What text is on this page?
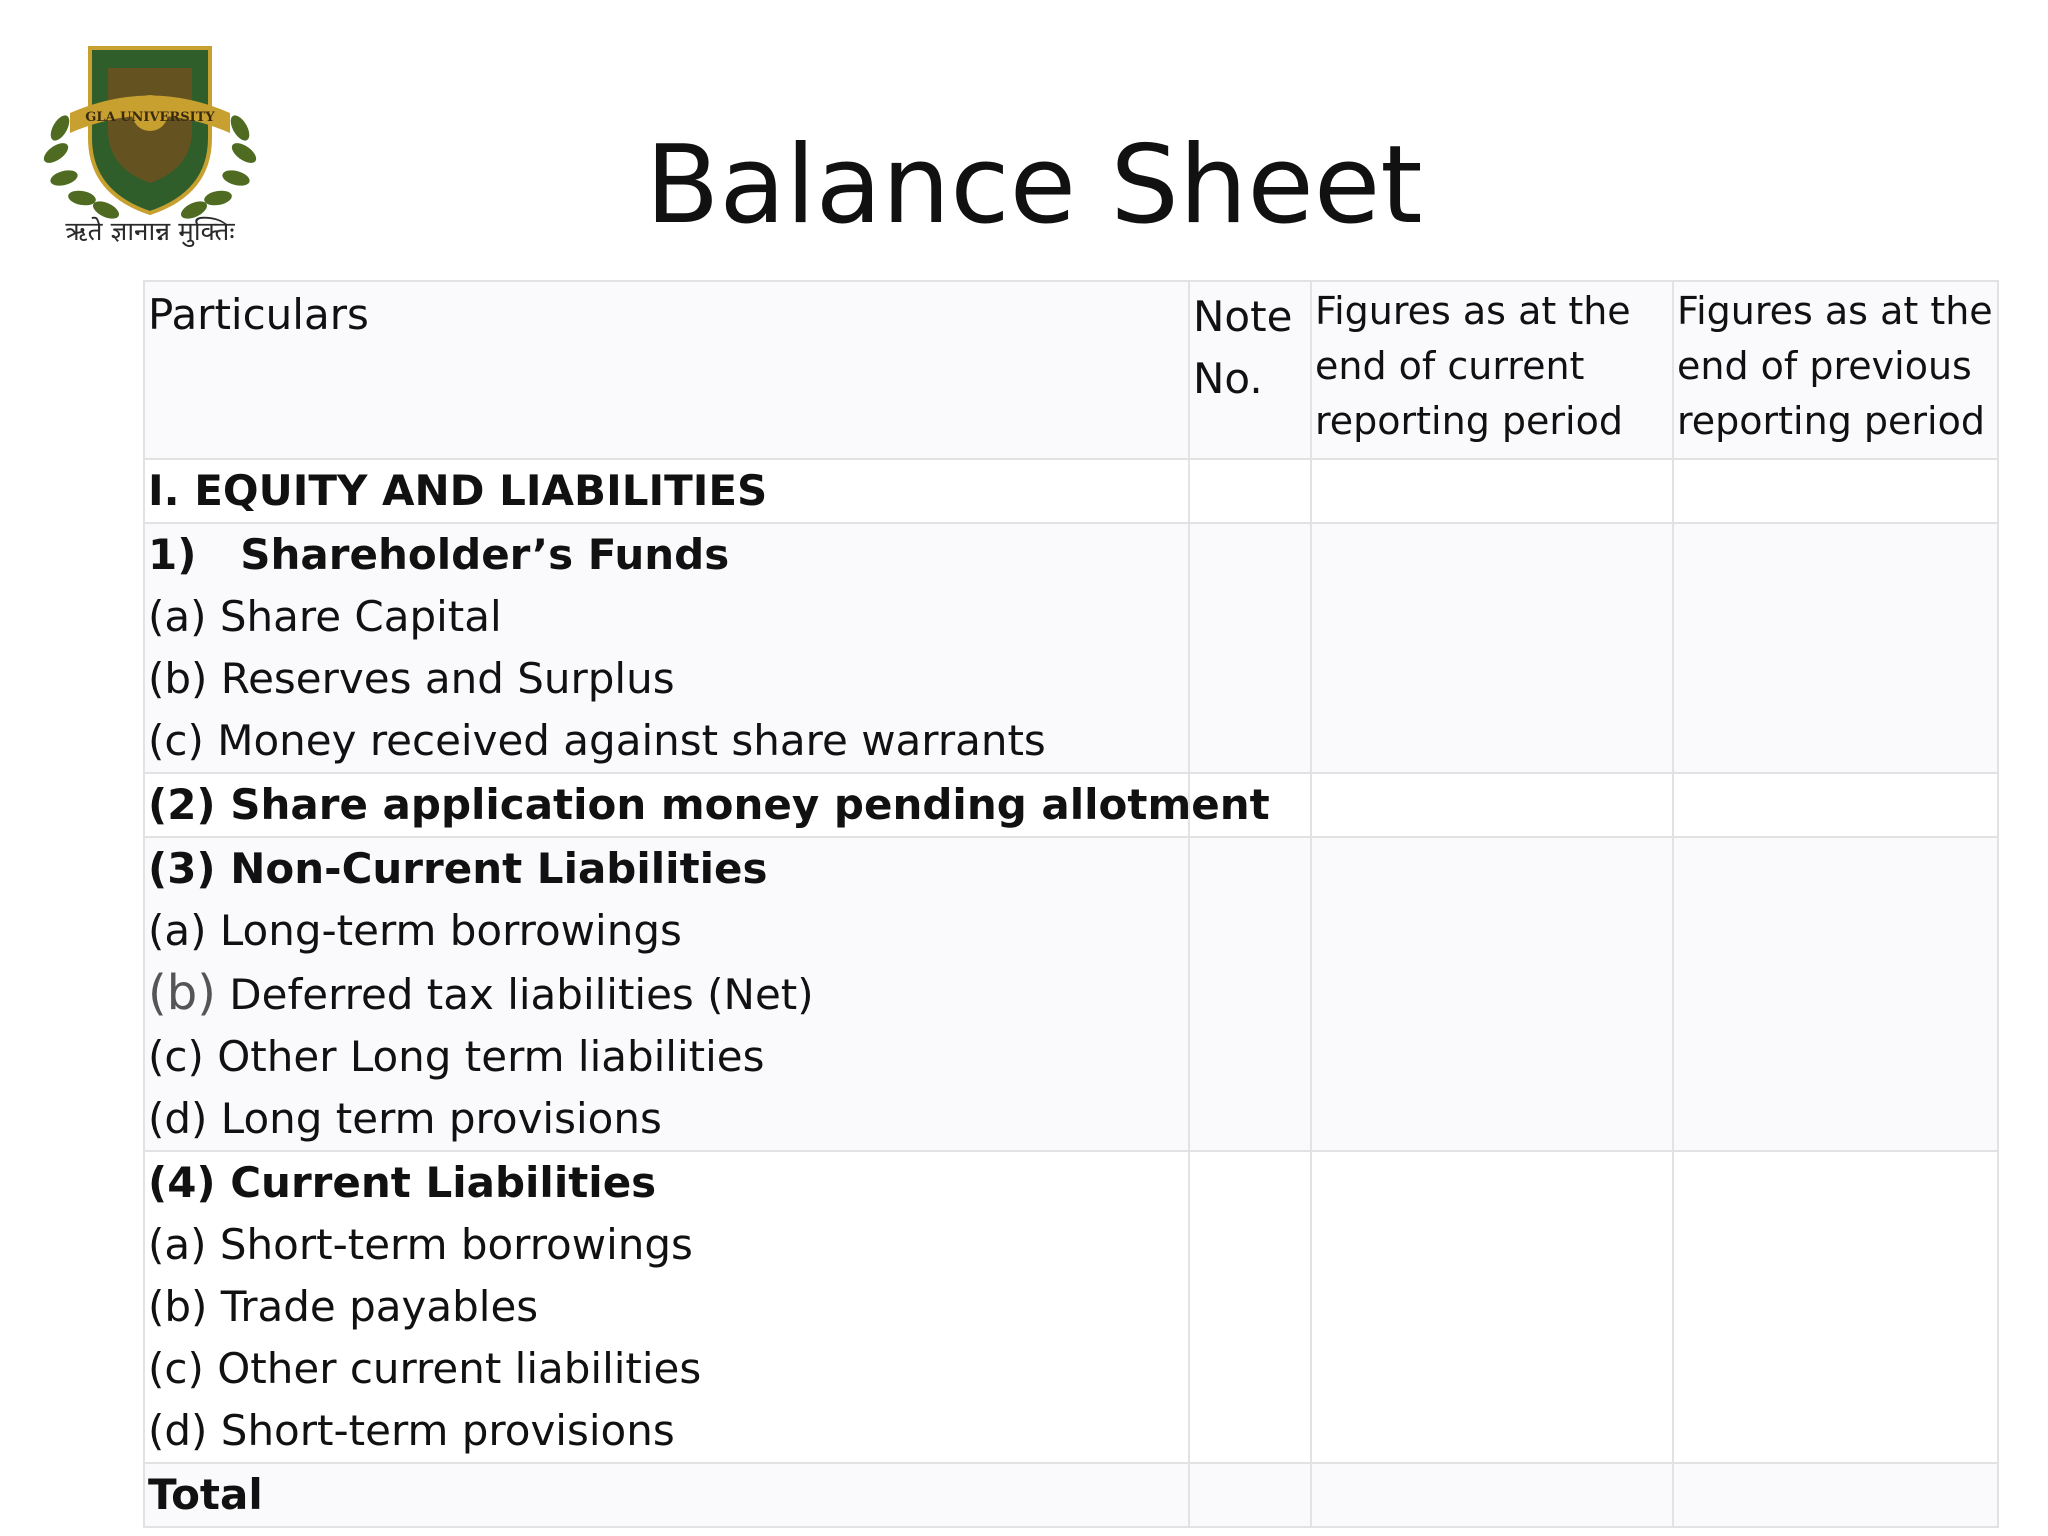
GLA UNIVERSITY
ऋते ज्ञानान्न मुक्तिः	Balance Sheet
Particulars	Note No.	Figures as at the end of current reporting period	Figures as at the end of previous reporting period

I. EQUITY AND LIABILITIES			

1)   Shareholder’s Funds
(a) Share Capital
(b) Reserves and Surplus
(c) Money received against share warrants			

(2) Share application money pending allotment			

(3) Non-Current Liabilities
(a) Long-term borrowings
(b) Deferred tax liabilities (Net)
(c) Other Long term liabilities
(d) Long term provisions			

(4) Current Liabilities
(a) Short-term borrowings
(b) Trade payables
(c) Other current liabilities
(d) Short-term provisions			

Total			
